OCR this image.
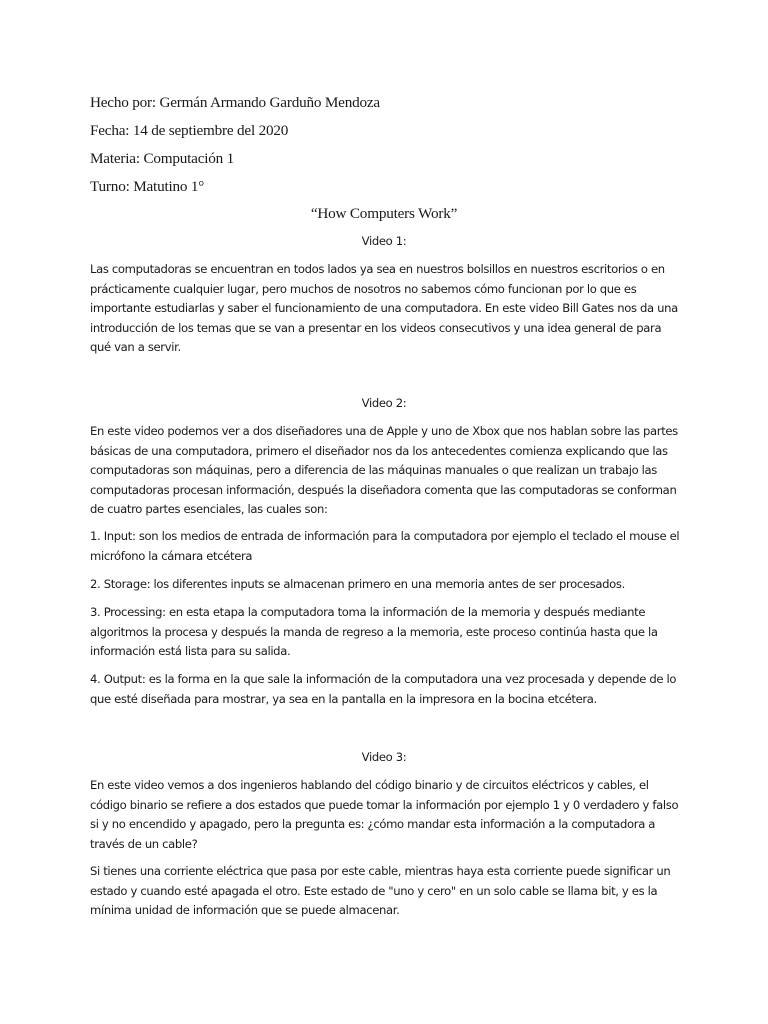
Hecho por: Germán Armando Garduño Mendoza
Fecha: 14 de septiembre del 2020
Materia: Computación 1
Turno: Matutino 1°
“How Computers Work”
Video 1:

Las computadoras se encuentran en todos lados ya sea en nuestros bolsillos en nuestros escritorios o en prácticamente cualquier lugar, pero muchos de nosotros no sabemos cómo funcionan por lo que es importante estudiarlas y saber el funcionamiento de una computadora. En este video Bill Gates nos da una introducción de los temas que se van a presentar en los videos consecutivos y una idea general de para qué van a servir.

Video 2:

En este video podemos ver a dos diseñadores una de Apple y uno de Xbox que nos hablan sobre las partes básicas de una computadora, primero el diseñador nos da los antecedentes comienza explicando que las computadoras son máquinas, pero a diferencia de las máquinas manuales o que realizan un trabajo las computadoras procesan información, después la diseñadora comenta que las computadoras se conforman de cuatro partes esenciales, las cuales son:

1. Input: son los medios de entrada de información para la computadora por ejemplo el teclado el mouse el micrófono la cámara etcétera

2. Storage: los diferentes inputs se almacenan primero en una memoria antes de ser procesados.

3. Processing: en esta etapa la computadora toma la información de la memoria y después mediante algoritmos la procesa y después la manda de regreso a la memoria, este proceso continúa hasta que la información está lista para su salida.

4. Output: es la forma en la que sale la información de la computadora una vez procesada y depende de lo que esté diseñada para mostrar, ya sea en la pantalla en la impresora en la bocina etcétera.

Video 3:

En este video vemos a dos ingenieros hablando del código binario y de circuitos eléctricos y cables, el código binario se refiere a dos estados que puede tomar la información por ejemplo 1 y 0 verdadero y falso si y no encendido y apagado, pero la pregunta es: ¿cómo mandar esta información a la computadora a través de un cable?

Si tienes una corriente eléctrica que pasa por este cable, mientras haya esta corriente puede significar un estado y cuando esté apagada el otro. Este estado de "uno y cero" en un solo cable se llama bit, y es la mínima unidad de información que se puede almacenar.
